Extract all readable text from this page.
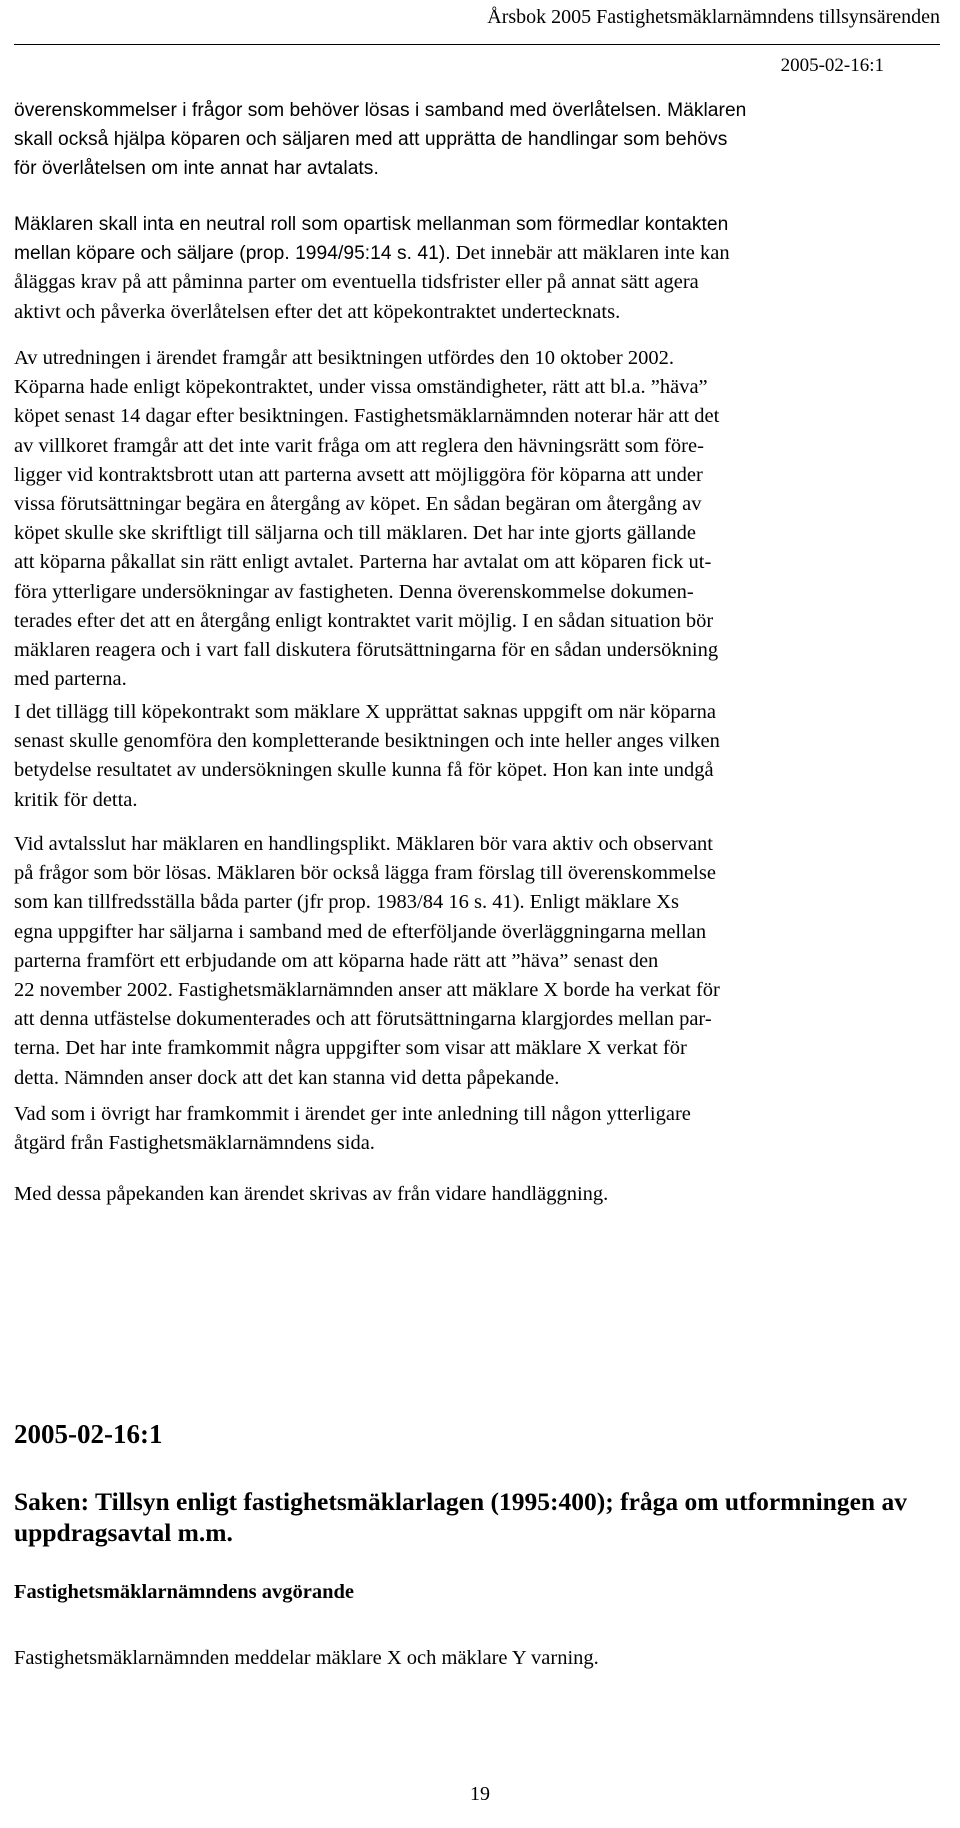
Årsbok 2005 Fastighetsmäklarnämndens tillsynsärenden
2005-02-16:1

överenskommelser i frågor som behöver lösas i samband med överlåtelsen. Mäklaren
skall också hjälpa köparen och säljaren med att upprätta de handlingar som behövs
för överlåtelsen om inte annat har avtalats.

Mäklaren skall inta en neutral roll som opartisk mellanman som förmedlar kontakten
mellan köpare och säljare (prop. 1994/95:14 s. 41). Det innebär att mäklaren inte kan
åläggas krav på att påminna parter om eventuella tidsfrister eller på annat sätt agera
aktivt och påverka överlåtelsen efter det att köpekontraktet undertecknats.

Av utredningen i ärendet framgår att besiktningen utfördes den 10 oktober 2002.
Köparna hade enligt köpekontraktet, under vissa omständigheter, rätt att bl.a. ”häva”
köpet senast 14 dagar efter besiktningen. Fastighetsmäklarnämnden noterar här att det
av villkoret framgår att det inte varit fråga om att reglera den hävningsrätt som före-
ligger vid kontraktsbrott utan att parterna avsett att möjliggöra för köparna att under
vissa förutsättningar begära en återgång av köpet. En sådan begäran om återgång av
köpet skulle ske skriftligt till säljarna och till mäklaren. Det har inte gjorts gällande
att köparna påkallat sin rätt enligt avtalet. Parterna har avtalat om att köparen fick ut-
föra ytterligare undersökningar av fastigheten. Denna överenskommelse dokumen-
terades efter det att en återgång enligt kontraktet varit möjlig. I en sådan situation bör
mäklaren reagera och i vart fall diskutera förutsättningarna för en sådan undersökning
med parterna.

I det tillägg till köpekontrakt som mäklare X upprättat saknas uppgift om när köparna
senast skulle genomföra den kompletterande besiktningen och inte heller anges vilken
betydelse resultatet av undersökningen skulle kunna få för köpet. Hon kan inte undgå
kritik för detta.

Vid avtalsslut har mäklaren en handlingsplikt. Mäklaren bör vara aktiv och observant
på frågor som bör lösas. Mäklaren bör också lägga fram förslag till överenskommelse
som kan tillfredsställa båda parter (jfr prop. 1983/84 16 s. 41). Enligt mäklare Xs
egna uppgifter har säljarna i samband med de efterföljande överläggningarna mellan
parterna framfört ett erbjudande om att köparna hade rätt att ”häva” senast den
22 november 2002. Fastighetsmäklarnämnden anser att mäklare X borde ha verkat för
att denna utfästelse dokumenterades och att förutsättningarna klargjordes mellan par-
terna. Det har inte framkommit några uppgifter som visar att mäklare X verkat för
detta. Nämnden anser dock att det kan stanna vid detta påpekande.

Vad som i övrigt har framkommit i ärendet ger inte anledning till någon ytterligare
åtgärd från Fastighetsmäklarnämndens sida.

Med dessa påpekanden kan ärendet skrivas av från vidare handläggning.

2005-02-16:1
Saken: Tillsyn enligt fastighetsmäklarlagen (1995:400); fråga om utformningen av uppdragsavtal m.m.
Fastighetsmäklarnämndens avgörande

Fastighetsmäklarnämnden meddelar mäklare X och mäklare Y varning.

19
